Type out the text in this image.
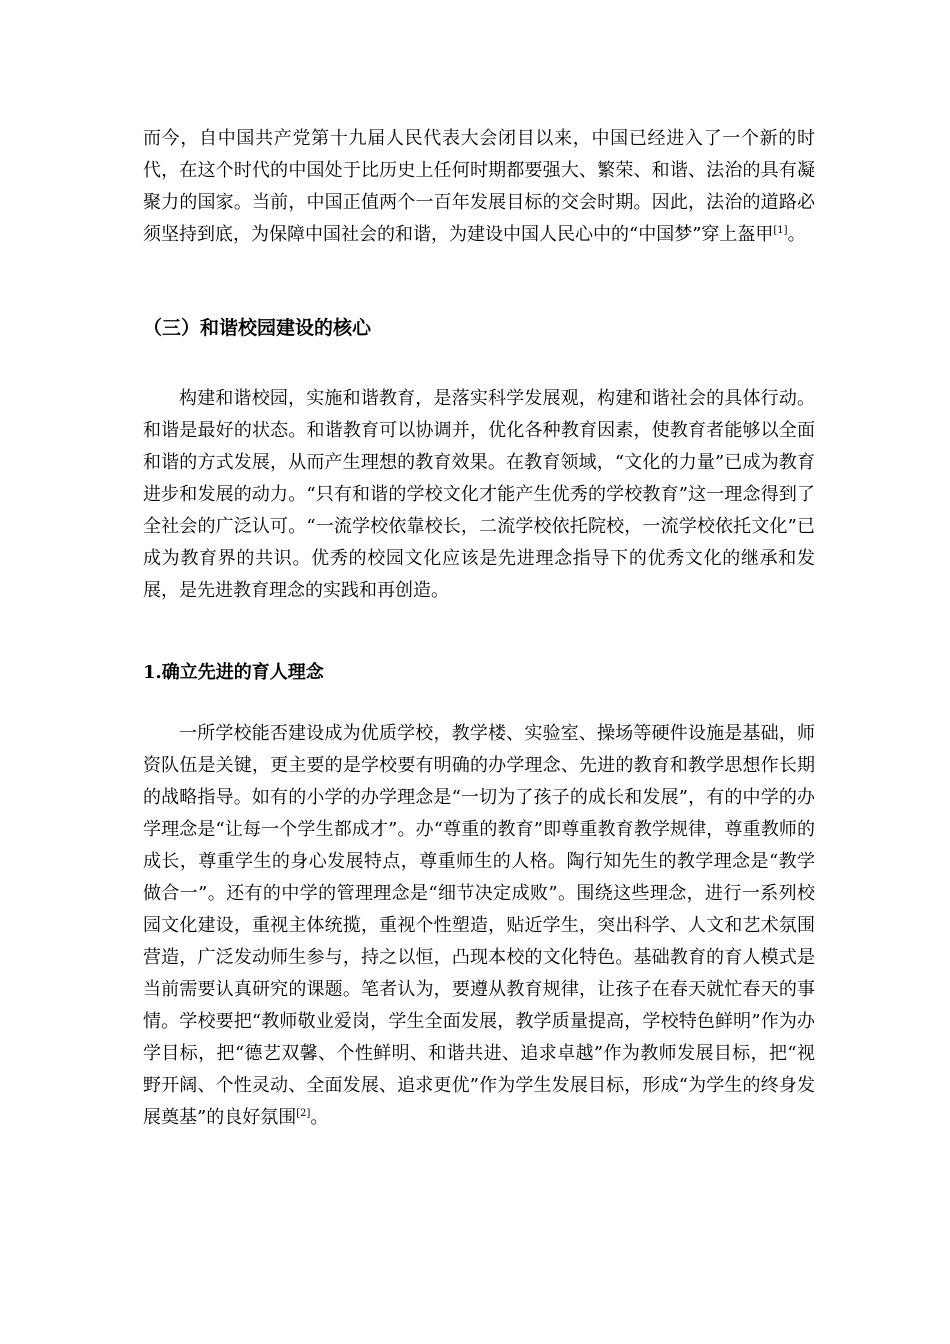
而今，自中国共产党第十九届人民代表大会闭目以来，中国已经进入了一个新的时代，在这个时代的中国处于比历史上任何时期都要强大、繁荣、和谐、法治的具有凝聚力的国家。当前，中国正值两个一百年发展目标的交会时期。因此，法治的道路必须坚持到底，为保障中国社会的和谐，为建设中国人民心中的“中国梦”穿上盔甲[1]。

（三）和谐校园建设的核心

构建和谐校园，实施和谐教育，是落实科学发展观，构建和谐社会的具体行动。和谐是最好的状态。和谐教育可以协调并，优化各种教育因素，使教育者能够以全面和谐的方式发展，从而产生理想的教育效果。在教育领域，“文化的力量”已成为教育进步和发展的动力。“只有和谐的学校文化才能产生优秀的学校教育”这一理念得到了全社会的广泛认可。“一流学校依靠校长，二流学校依托院校，一流学校依托文化”已成为教育界的共识。优秀的校园文化应该是先进理念指导下的优秀文化的继承和发展，是先进教育理念的实践和再创造。

1.确立先进的育人理念

一所学校能否建设成为优质学校，教学楼、实验室、操场等硬件设施是基础，师资队伍是关键，更主要的是学校要有明确的办学理念、先进的教育和教学思想作长期的战略指导。如有的小学的办学理念是“一切为了孩子的成长和发展”，有的中学的办学理念是“让每一个学生都成才”。办“尊重的教育”即尊重教育教学规律，尊重教师的成长，尊重学生的身心发展特点，尊重师生的人格。陶行知先生的教学理念是“教学做合一”。还有的中学的管理理念是“细节决定成败”。围绕这些理念，进行一系列校园文化建设，重视主体统揽，重视个性塑造，贴近学生，突出科学、人文和艺术氛围营造，广泛发动师生参与，持之以恒，凸现本校的文化特色。基础教育的育人模式是当前需要认真研究的课题。笔者认为，要遵从教育规律，让孩子在春天就忙春天的事情。学校要把“教师敬业爱岗，学生全面发展，教学质量提高，学校特色鲜明”作为办学目标，把“德艺双馨、个性鲜明、和谐共进、追求卓越”作为教师发展目标，把“视野开阔、个性灵动、全面发展、追求更优”作为学生发展目标，形成“为学生的终身发展奠基”的良好氛围[2]。
